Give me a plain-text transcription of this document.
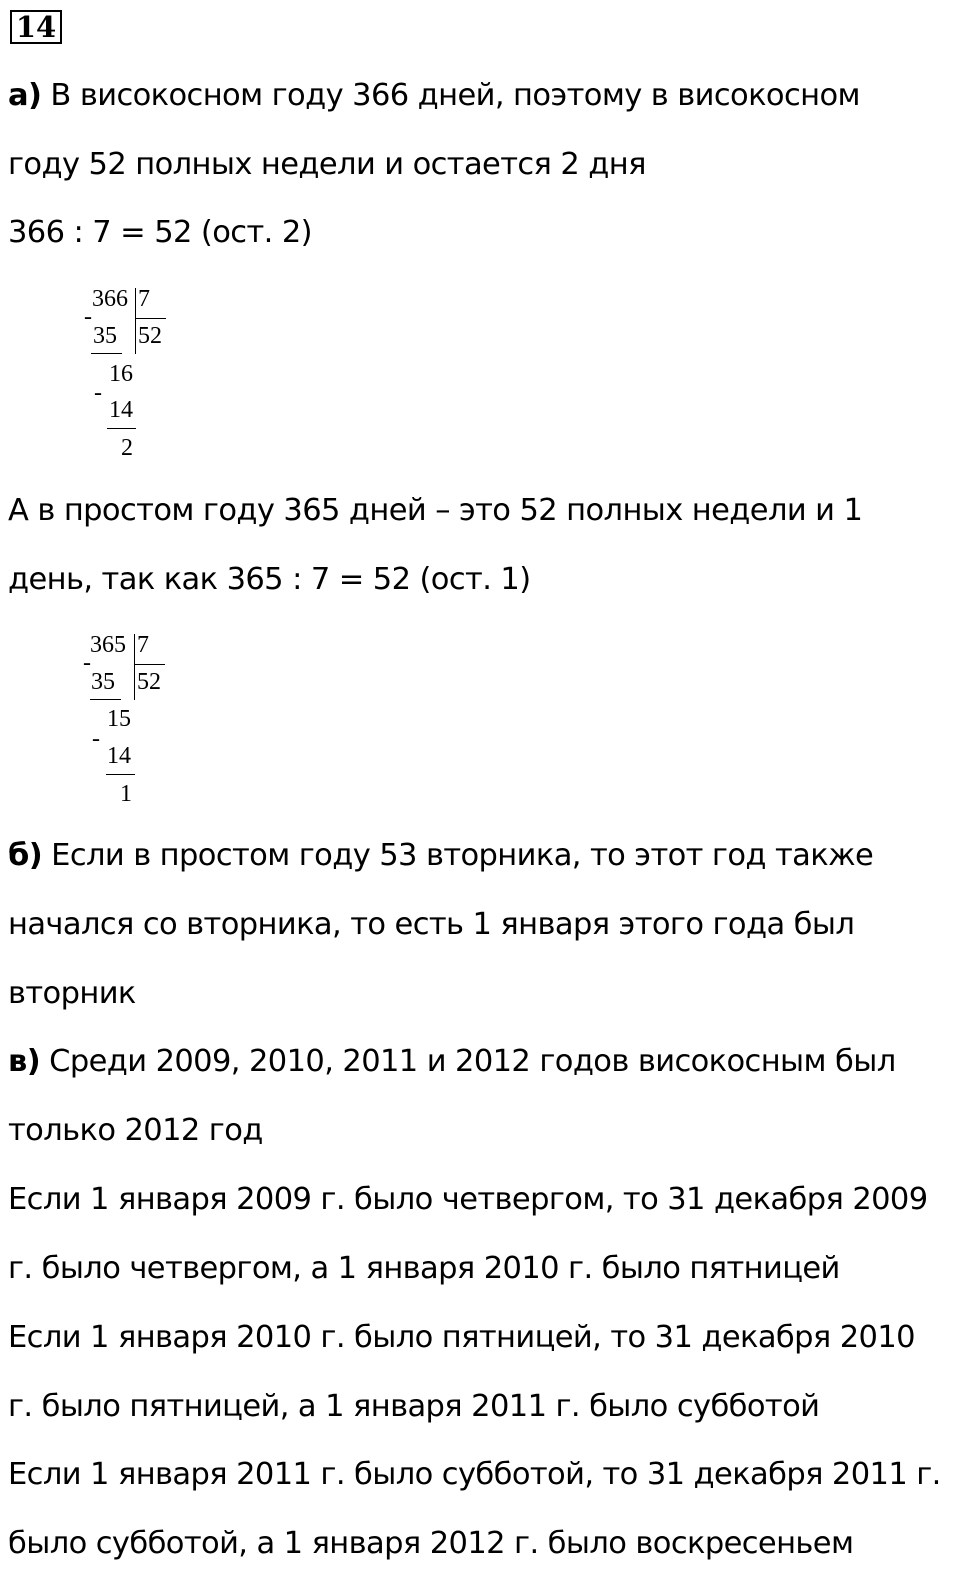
14
а) В високосном году 366 дней, поэтому в високосном
году 52 полных недели и остается 2 дня
366 : 7 = 52 (ост. 2)
366 7
-
35 52
16
-
14
2
А в простом году 365 дней – это 52 полных недели и 1
день, так как 365 : 7 = 52 (ост. 1)
365 7
-
35 52
15
-
14
1
б) Если в простом году 53 вторника, то этот год также
начался со вторника, то есть 1 января этого года был
вторник
в) Среди 2009, 2010, 2011 и 2012 годов високосным был
только 2012 год
Если 1 января 2009 г. было четвергом, то 31 декабря 2009
г. было четвергом, а 1 января 2010 г. было пятницей
Если 1 января 2010 г. было пятницей, то 31 декабря 2010
г. было пятницей, а 1 января 2011 г. было субботой
Если 1 января 2011 г. было субботой, то 31 декабря 2011 г.
было субботой, а 1 января 2012 г. было воскресеньем
